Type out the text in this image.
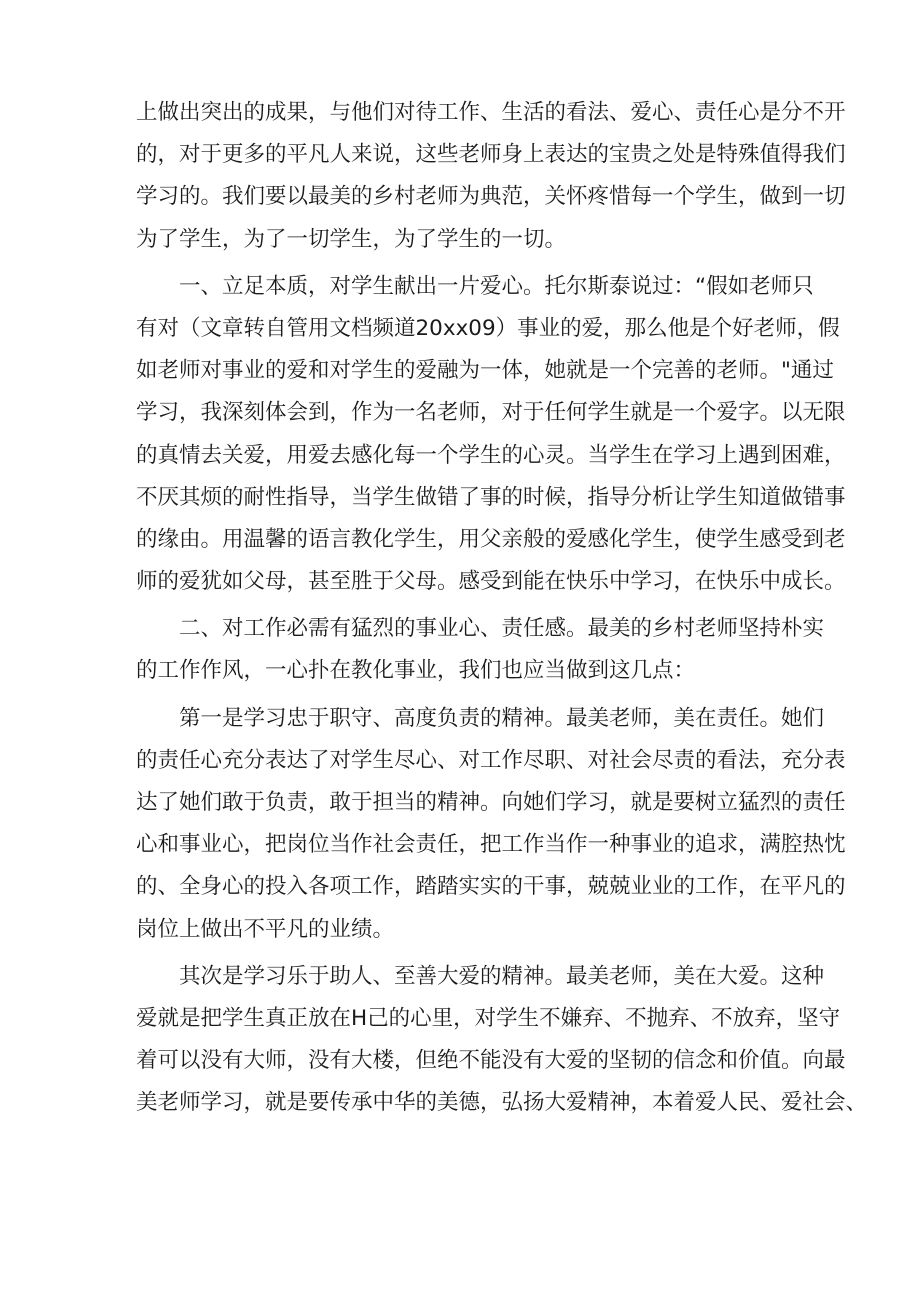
上做出突出的成果，与他们对待工作、生活的看法、爱心、责任心是分不开
的，对于更多的平凡人来说，这些老师身上表达的宝贵之处是特殊值得我们
学习的。我们要以最美的乡村老师为典范，关怀疼惜每一个学生，做到一切
为了学生，为了一切学生，为了学生的一切。
一、立足本质，对学生献出一片爱心。托尔斯泰说过：“假如老师只
有对（文章转自管用文档频道20xx09）事业的爱，那么他是个好老师，假
如老师对事业的爱和对学生的爱融为一体，她就是一个完善的老师。"通过
学习，我深刻体会到，作为一名老师，对于任何学生就是一个爱字。以无限
的真情去关爱，用爱去感化每一个学生的心灵。当学生在学习上遇到困难，
不厌其烦的耐性指导，当学生做错了事的时候，指导分析让学生知道做错事
的缘由。用温馨的语言教化学生，用父亲般的爱感化学生，使学生感受到老
师的爱犹如父母，甚至胜于父母。感受到能在快乐中学习，在快乐中成长。
二、对工作必需有猛烈的事业心、责任感。最美的乡村老师坚持朴实
的工作作风，一心扑在教化事业，我们也应当做到这几点：
第一是学习忠于职守、高度负责的精神。最美老师，美在责任。她们
的责任心充分表达了对学生尽心、对工作尽职、对社会尽责的看法，充分表
达了她们敢于负责，敢于担当的精神。向她们学习，就是要树立猛烈的责任
心和事业心，把岗位当作社会责任，把工作当作一种事业的追求，满腔热忱
的、全身心的投入各项工作，踏踏实实的干事，兢兢业业的工作，在平凡的
岗位上做出不平凡的业绩。
其次是学习乐于助人、至善大爱的精神。最美老师，美在大爱。这种
爱就是把学生真正放在H己的心里，对学生不嫌弃、不抛弃、不放弃，坚守
着可以没有大师，没有大楼，但绝不能没有大爱的坚韧的信念和价值。向最
美老师学习，就是要传承中华的美德，弘扬大爱精神，本着爱人民、爱社会、
